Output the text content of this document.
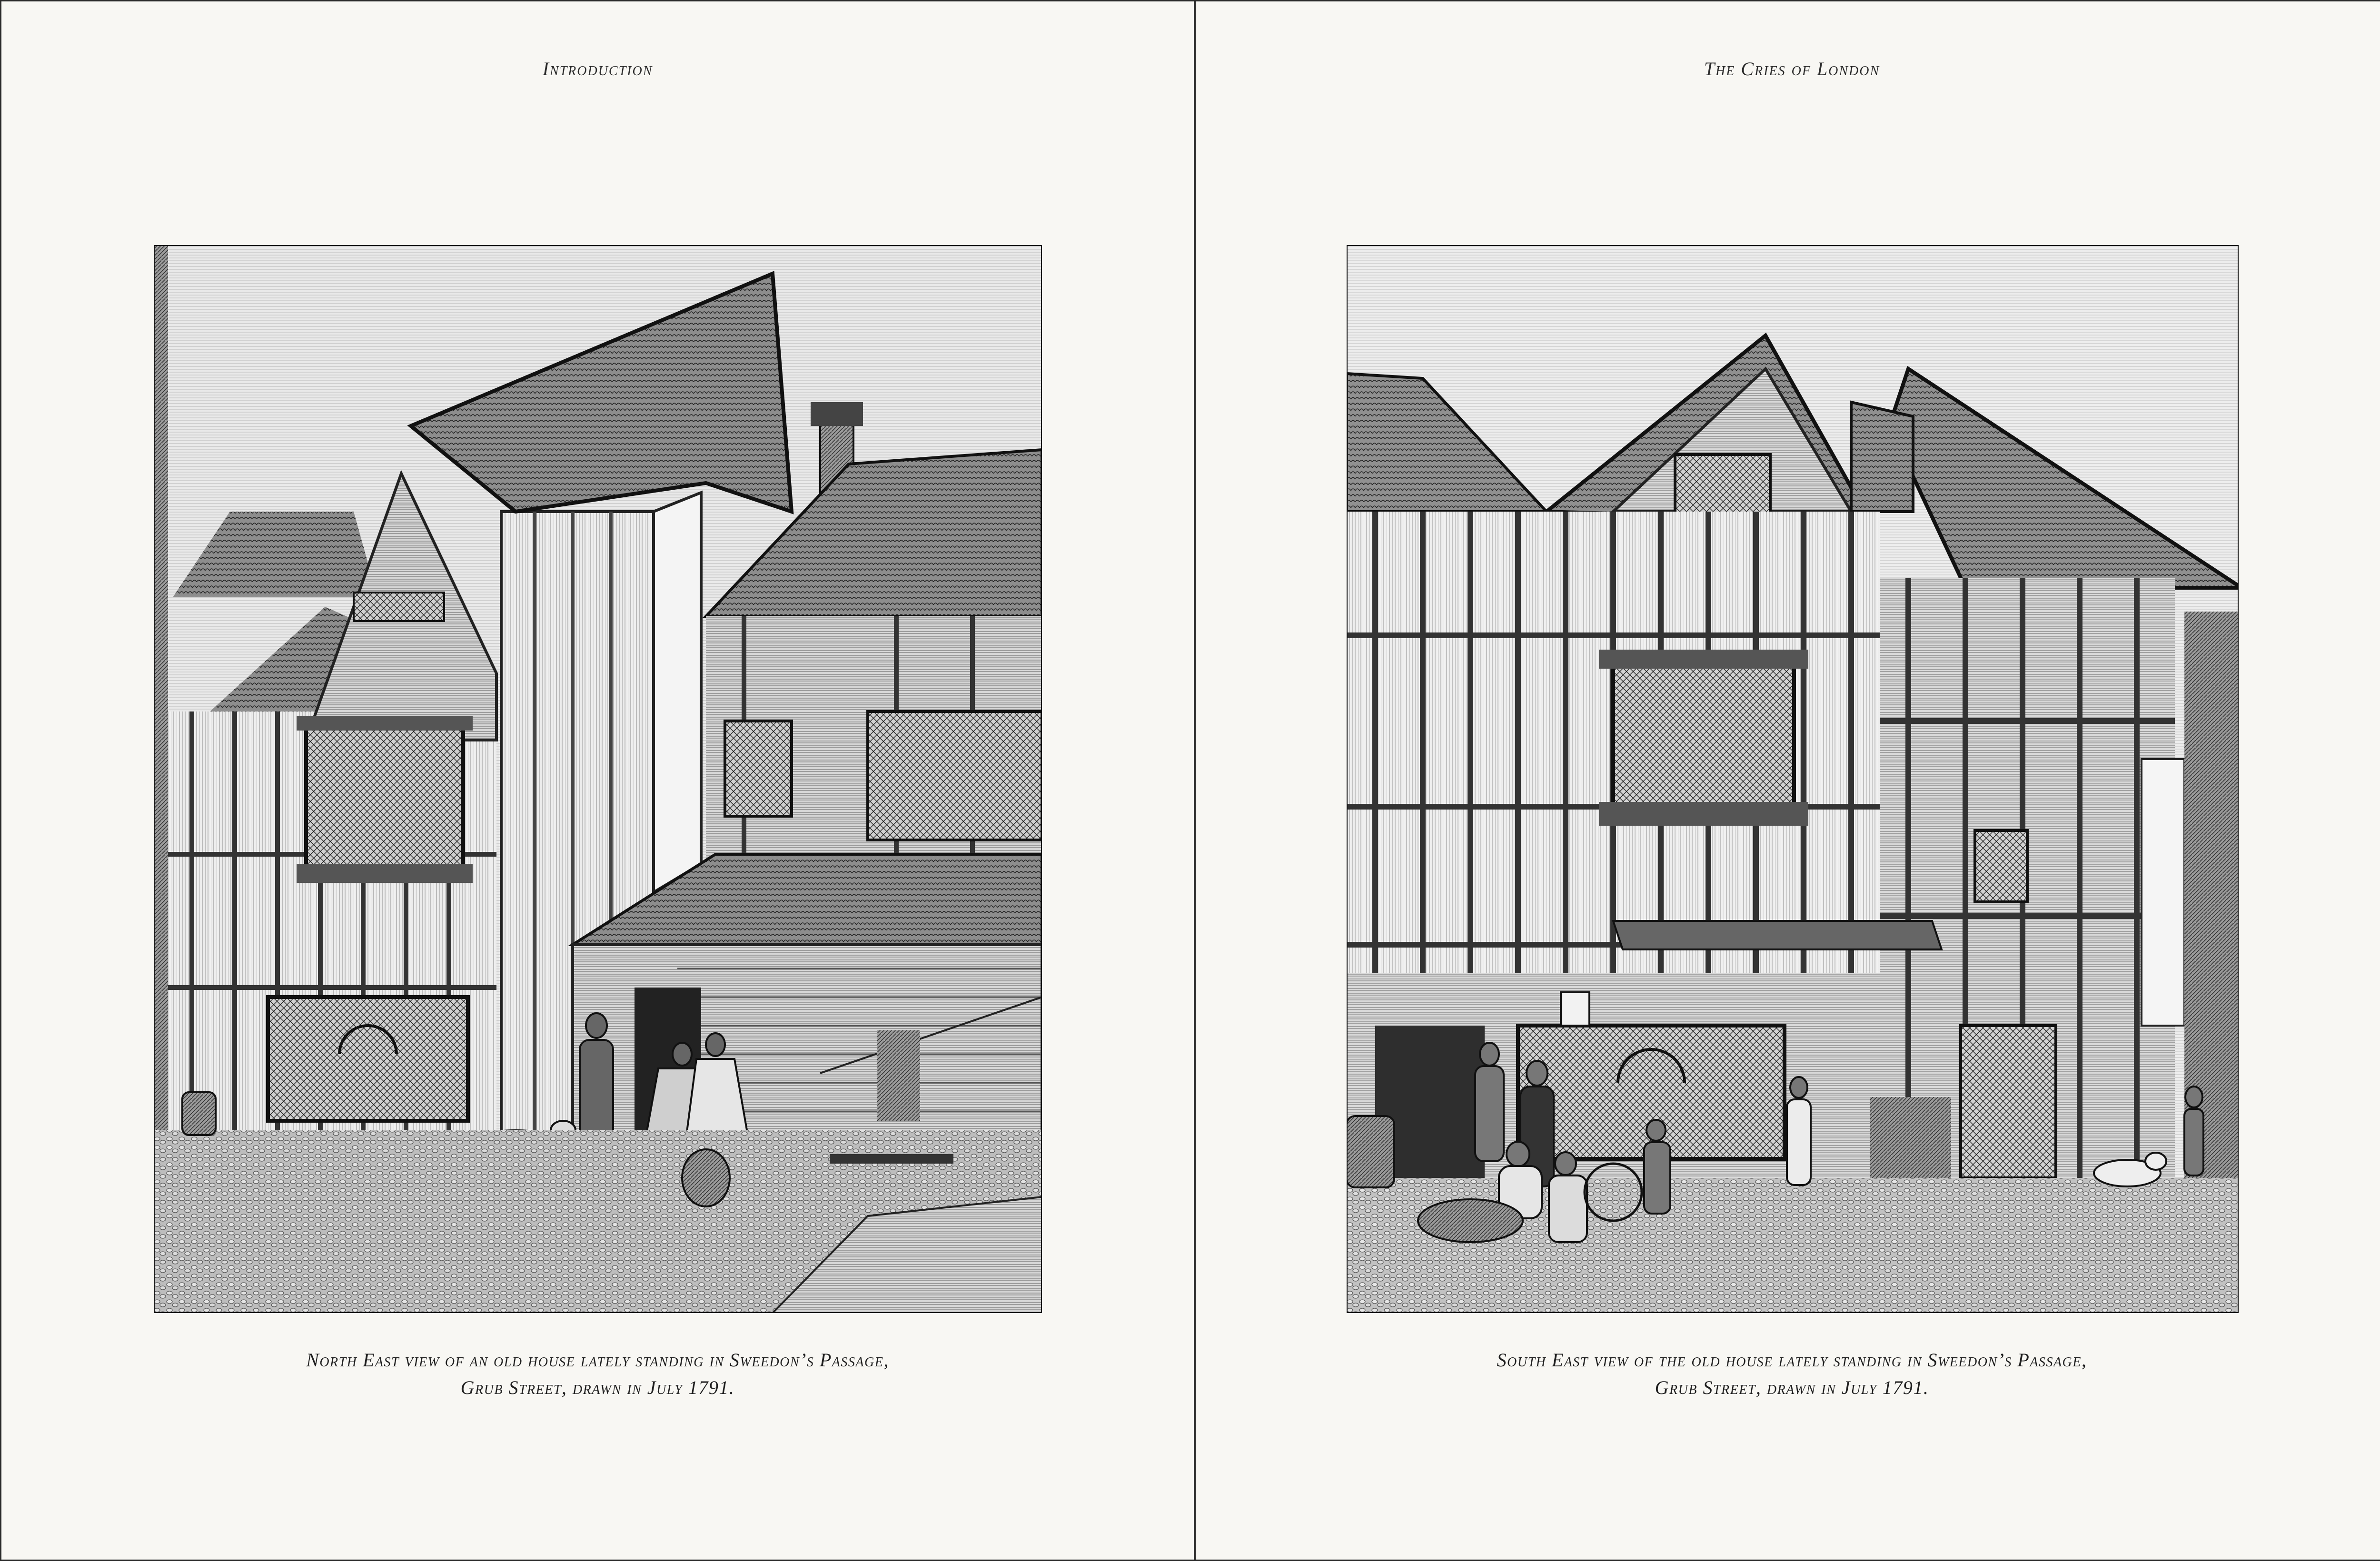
Introduction
North East view of an old house lately standing in Sweedon’s Passage,
Grub Street, drawn in July 1791.
The Cries of London
South East view of the old house lately standing in Sweedon’s Passage,
Grub Street, drawn in July 1791.
